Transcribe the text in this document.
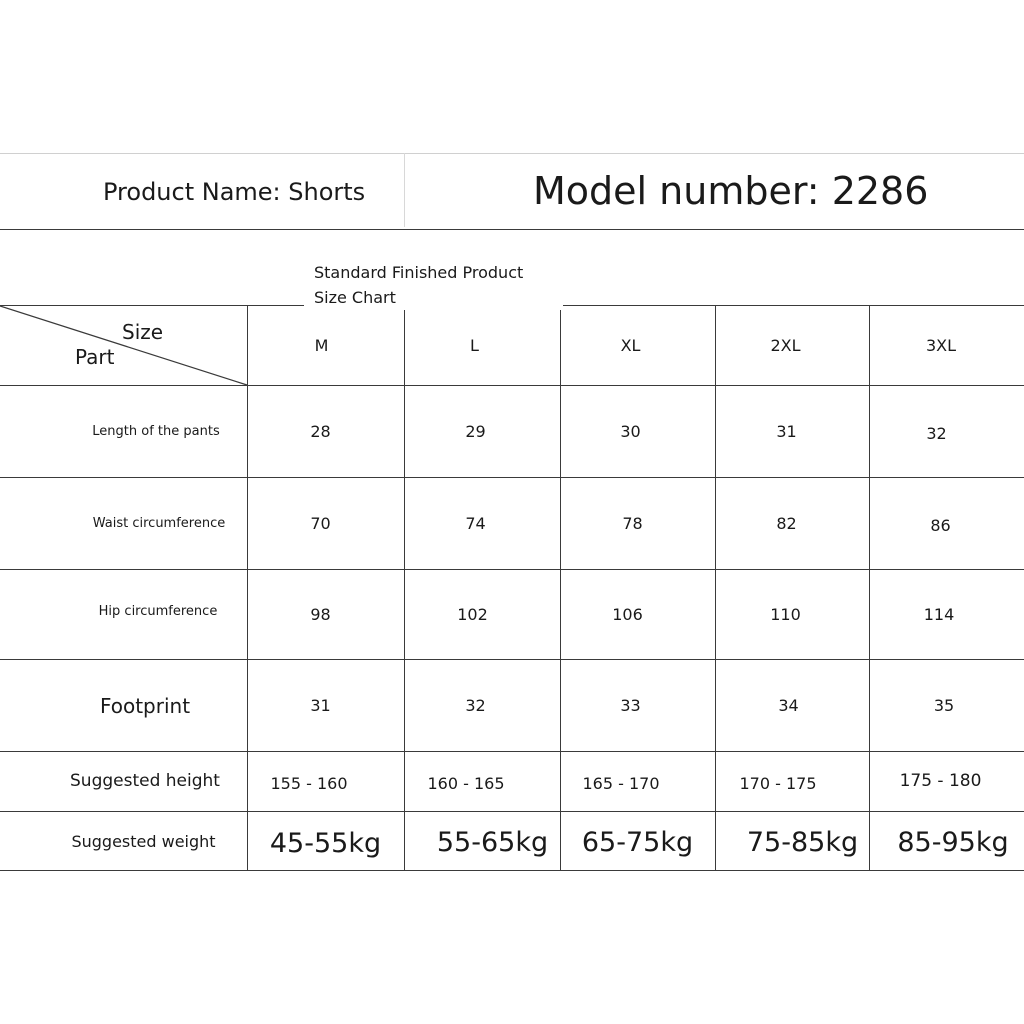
Product Name: Shorts	Model number: 2286
Standard Finished Product
Size Chart
Size
Part	M	L	XL	2XL	3XL
Length of the pants	28	29	30	31	32
Waist circumference	70	74	78	82	86
Hip circumference	98	102	106	110	114
Footprint	31	32	33	34	35
Suggested height	155 - 160	160 - 165	165 - 170	170 - 175	175 - 180
Suggested weight	45-55kg	55-65kg	65-75kg	75-85kg	85-95kg
